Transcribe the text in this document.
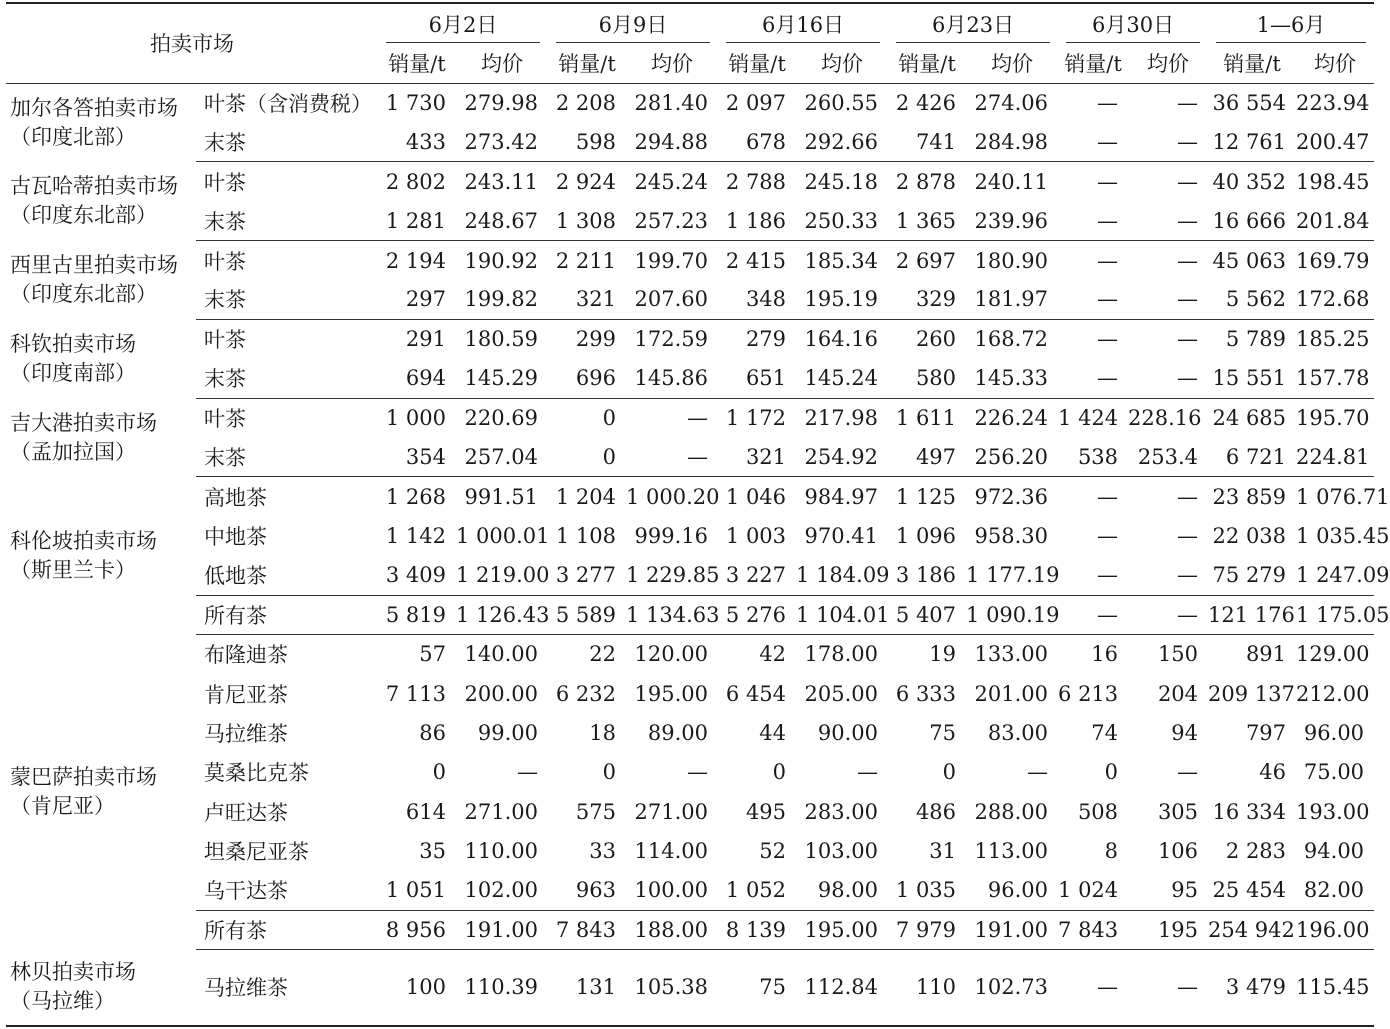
拍卖市场		6月2日		6月9日		6月16日		6月23日		6月30日		1—6月	
		销量/t	均价	销量/t	均价	销量/t	均价	销量/t	均价	销量/t	均价	销量/t	均价

加尔各答拍卖市场
（印度北部）	叶茶（含消费税）	1 730	279.98	2 208	281.40	2 097	260.55	2 426	274.06	—	—	36 554	223.94
	末茶	433	273.42	598	294.88	678	292.66	741	284.98	—	—	12 761	200.47

古瓦哈蒂拍卖市场
（印度东北部）	叶茶	2 802	243.11	2 924	245.24	2 788	245.18	2 878	240.11	—	—	40 352	198.45
	末茶	1 281	248.67	1 308	257.23	1 186	250.33	1 365	239.96	—	—	16 666	201.84

西里古里拍卖市场
（印度东北部）	叶茶	2 194	190.92	2 211	199.70	2 415	185.34	2 697	180.90	—	—	45 063	169.79
	末茶	297	199.82	321	207.60	348	195.19	329	181.97	—	—	5 562	172.68

科钦拍卖市场
（印度南部）	叶茶	291	180.59	299	172.59	279	164.16	260	168.72	—	—	5 789	185.25
	末茶	694	145.29	696	145.86	651	145.24	580	145.33	—	—	15 551	157.78

吉大港拍卖市场
（孟加拉国）	叶茶	1 000	220.69	0	—	1 172	217.98	1 611	226.24	1 424	228.16	24 685	195.70
	末茶	354	257.04	0	—	321	254.92	497	256.20	538	253.4	6 721	224.81

科伦坡拍卖市场
（斯里兰卡）	高地茶	1 268	991.51	1 204	1 000.20	1 046	984.97	1 125	972.36	—	—	23 859	1 076.71
	中地茶	1 142	1 000.01	1 108	999.16	1 003	970.41	1 096	958.30	—	—	22 038	1 035.45
	低地茶	3 409	1 219.00	3 277	1 229.85	3 227	1 184.09	3 186	1 177.19	—	—	75 279	1 247.09
	所有茶	5 819	1 126.43	5 589	1 134.63	5 276	1 104.01	5 407	1 090.19	—	—	121 176	1 175.05

蒙巴萨拍卖市场
（肯尼亚）	布隆迪茶	57	140.00	22	120.00	42	178.00	19	133.00	16	150	891	129.00
	肯尼亚茶	7 113	200.00	6 232	195.00	6 454	205.00	6 333	201.00	6 213	204	209 137	212.00
	马拉维茶	86	99.00	18	89.00	44	90.00	75	83.00	74	94	797	96.00
	莫桑比克茶	0	—	0	—	0	—	0	—	0	—	46	75.00
	卢旺达茶	614	271.00	575	271.00	495	283.00	486	288.00	508	305	16 334	193.00
	坦桑尼亚茶	35	110.00	33	114.00	52	103.00	31	113.00	8	106	2 283	94.00
	乌干达茶	1 051	102.00	963	100.00	1 052	98.00	1 035	96.00	1 024	95	25 454	82.00
	所有茶	8 956	191.00	7 843	188.00	8 139	195.00	7 979	191.00	7 843	195	254 942	196.00

林贝拍卖市场
（马拉维）	马拉维茶	100	110.39	131	105.38	75	112.84	110	102.73	—	—	3 479	115.45
